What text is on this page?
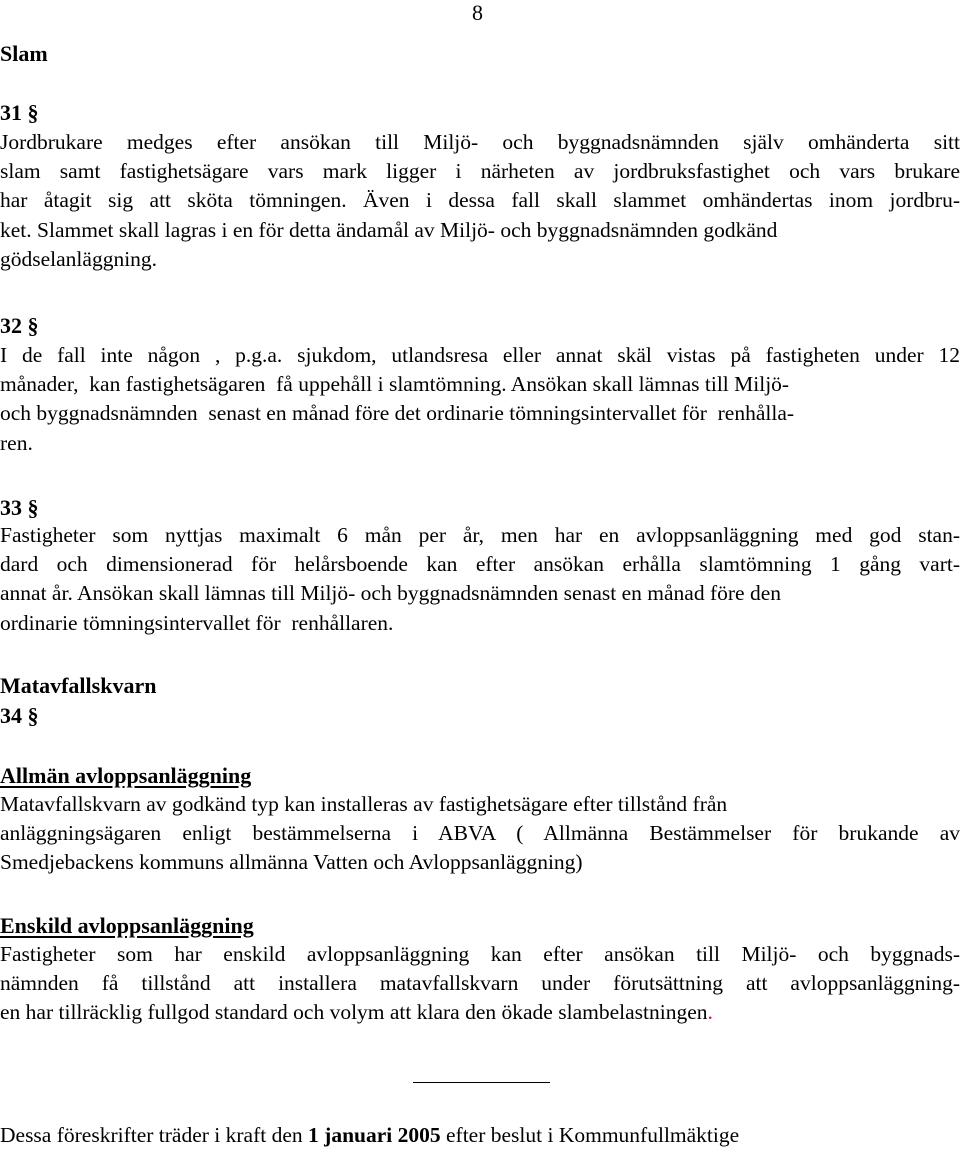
8
Slam
31 §
Jordbrukare medges efter ansökan till Miljö- och byggnadsnämnden själv omhänderta sitt
slam samt fastighetsägare vars mark ligger i närheten av jordbruksfastighet och vars brukare
har åtagit sig att sköta tömningen. Även i dessa fall skall slammet omhändertas inom jordbru-
ket. Slammet skall lagras i en för detta ändamål av Miljö- och byggnadsnämnden godkänd
gödselanläggning.
32 §
I de fall inte någon , p.g.a. sjukdom, utlandsresa eller annat skäl vistas på fastigheten under 12
månader,  kan fastighetsägaren  få uppehåll i slamtömning. Ansökan skall lämnas till Miljö-
och byggnadsnämnden  senast en månad före det ordinarie tömningsintervallet för  renhålla-
ren.
33 §
Fastigheter som nyttjas maximalt 6 mån per år, men har en avloppsanläggning med god stan-
dard och dimensionerad för helårsboende kan efter ansökan erhålla slamtömning 1 gång vart-
annat år. Ansökan skall lämnas till Miljö- och byggnadsnämnden senast en månad före den
ordinarie tömningsintervallet för  renhållaren.
Matavfallskvarn
34 §
Allmän avloppsanläggning
Matavfallskvarn av godkänd typ kan installeras av fastighetsägare efter tillstånd från
anläggningsägaren enligt bestämmelserna i ABVA ( Allmänna Bestämmelser för brukande av
Smedjebackens kommuns allmänna Vatten och Avloppsanläggning)
Enskild avloppsanläggning
Fastigheter som har enskild avloppsanläggning kan efter ansökan till Miljö- och byggnads-
nämnden få tillstånd att installera matavfallskvarn under förutsättning att avloppsanläggning-
en har tillräcklig fullgod standard och volym att klara den ökade slambelastningen.
Dessa föreskrifter träder i kraft den 1 januari 2005 efter beslut i Kommunfullmäktige
